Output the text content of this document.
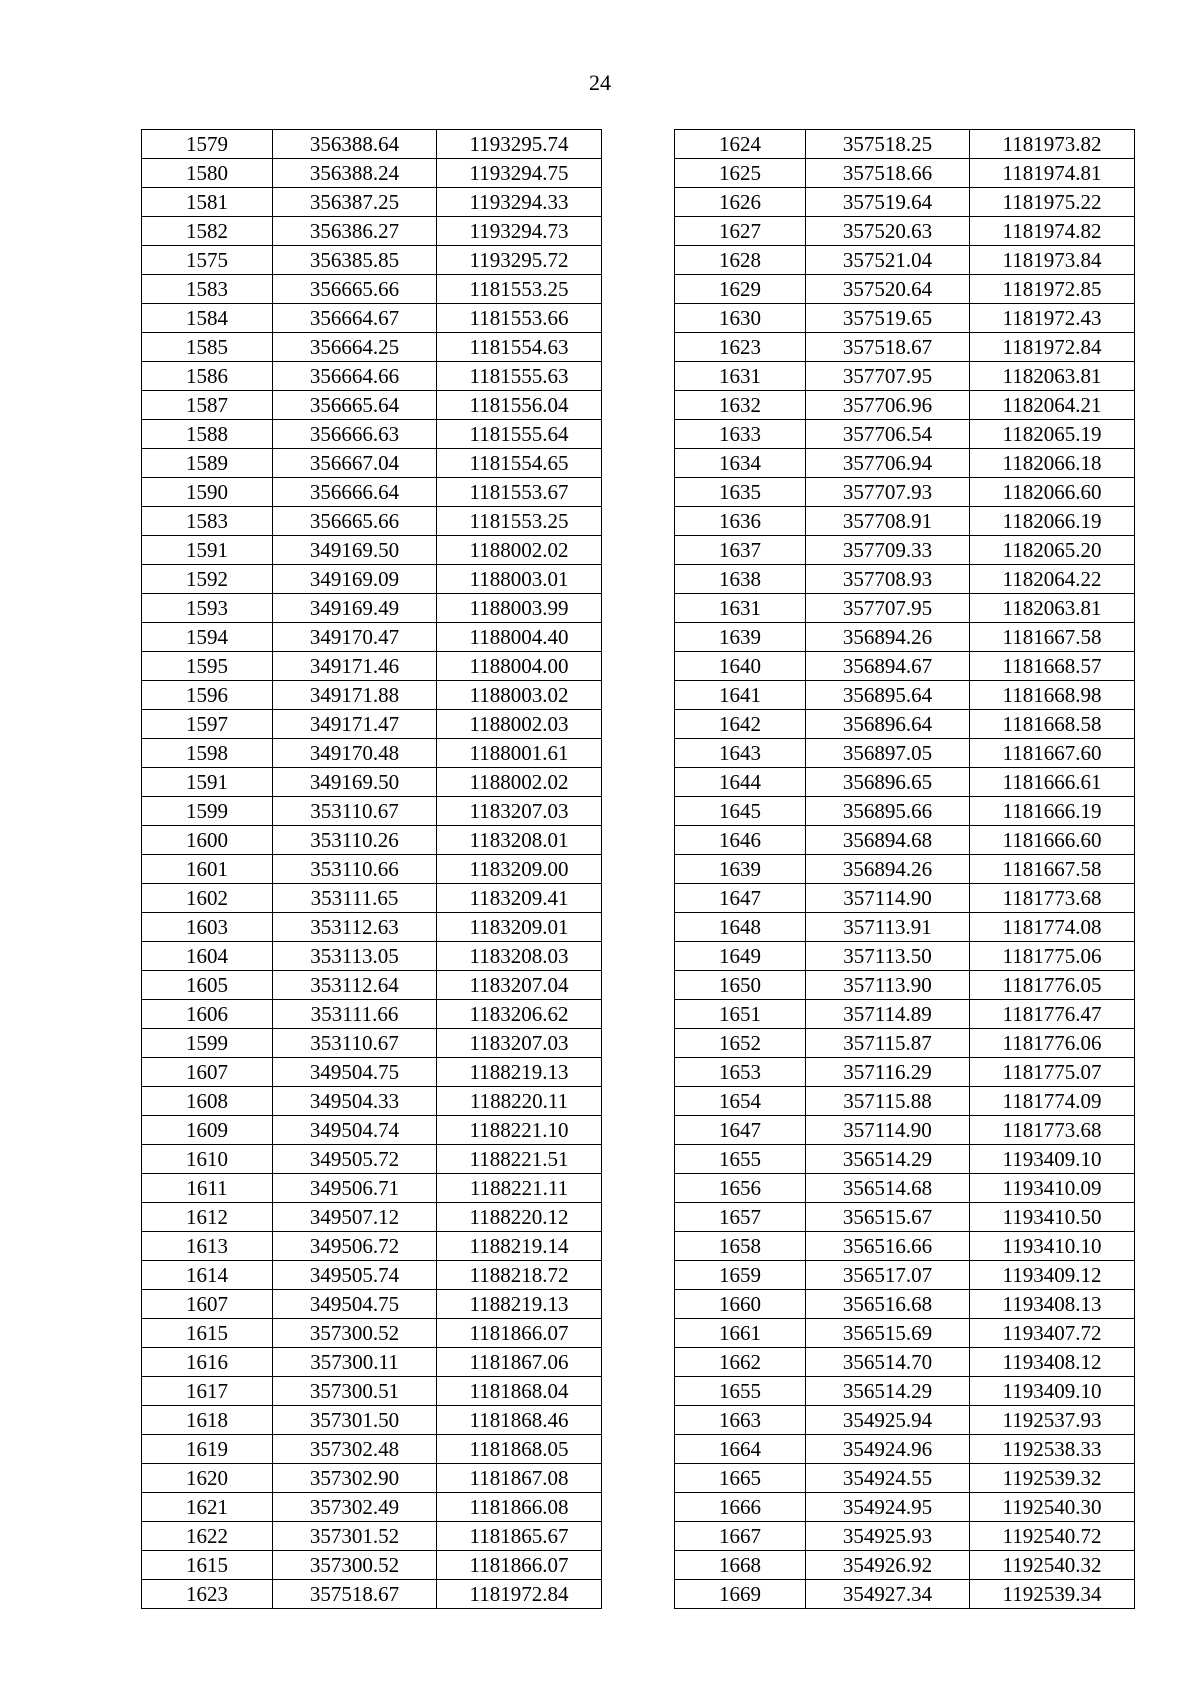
24
1579	356388.64	1193295.74
1580	356388.24	1193294.75
1581	356387.25	1193294.33
1582	356386.27	1193294.73
1575	356385.85	1193295.72
1583	356665.66	1181553.25
1584	356664.67	1181553.66
1585	356664.25	1181554.63
1586	356664.66	1181555.63
1587	356665.64	1181556.04
1588	356666.63	1181555.64
1589	356667.04	1181554.65
1590	356666.64	1181553.67
1583	356665.66	1181553.25
1591	349169.50	1188002.02
1592	349169.09	1188003.01
1593	349169.49	1188003.99
1594	349170.47	1188004.40
1595	349171.46	1188004.00
1596	349171.88	1188003.02
1597	349171.47	1188002.03
1598	349170.48	1188001.61
1591	349169.50	1188002.02
1599	353110.67	1183207.03
1600	353110.26	1183208.01
1601	353110.66	1183209.00
1602	353111.65	1183209.41
1603	353112.63	1183209.01
1604	353113.05	1183208.03
1605	353112.64	1183207.04
1606	353111.66	1183206.62
1599	353110.67	1183207.03
1607	349504.75	1188219.13
1608	349504.33	1188220.11
1609	349504.74	1188221.10
1610	349505.72	1188221.51
1611	349506.71	1188221.11
1612	349507.12	1188220.12
1613	349506.72	1188219.14
1614	349505.74	1188218.72
1607	349504.75	1188219.13
1615	357300.52	1181866.07
1616	357300.11	1181867.06
1617	357300.51	1181868.04
1618	357301.50	1181868.46
1619	357302.48	1181868.05
1620	357302.90	1181867.08
1621	357302.49	1181866.08
1622	357301.52	1181865.67
1615	357300.52	1181866.07
1623	357518.67	1181972.84
1624	357518.25	1181973.82
1625	357518.66	1181974.81
1626	357519.64	1181975.22
1627	357520.63	1181974.82
1628	357521.04	1181973.84
1629	357520.64	1181972.85
1630	357519.65	1181972.43
1623	357518.67	1181972.84
1631	357707.95	1182063.81
1632	357706.96	1182064.21
1633	357706.54	1182065.19
1634	357706.94	1182066.18
1635	357707.93	1182066.60
1636	357708.91	1182066.19
1637	357709.33	1182065.20
1638	357708.93	1182064.22
1631	357707.95	1182063.81
1639	356894.26	1181667.58
1640	356894.67	1181668.57
1641	356895.64	1181668.98
1642	356896.64	1181668.58
1643	356897.05	1181667.60
1644	356896.65	1181666.61
1645	356895.66	1181666.19
1646	356894.68	1181666.60
1639	356894.26	1181667.58
1647	357114.90	1181773.68
1648	357113.91	1181774.08
1649	357113.50	1181775.06
1650	357113.90	1181776.05
1651	357114.89	1181776.47
1652	357115.87	1181776.06
1653	357116.29	1181775.07
1654	357115.88	1181774.09
1647	357114.90	1181773.68
1655	356514.29	1193409.10
1656	356514.68	1193410.09
1657	356515.67	1193410.50
1658	356516.66	1193410.10
1659	356517.07	1193409.12
1660	356516.68	1193408.13
1661	356515.69	1193407.72
1662	356514.70	1193408.12
1655	356514.29	1193409.10
1663	354925.94	1192537.93
1664	354924.96	1192538.33
1665	354924.55	1192539.32
1666	354924.95	1192540.30
1667	354925.93	1192540.72
1668	354926.92	1192540.32
1669	354927.34	1192539.34
